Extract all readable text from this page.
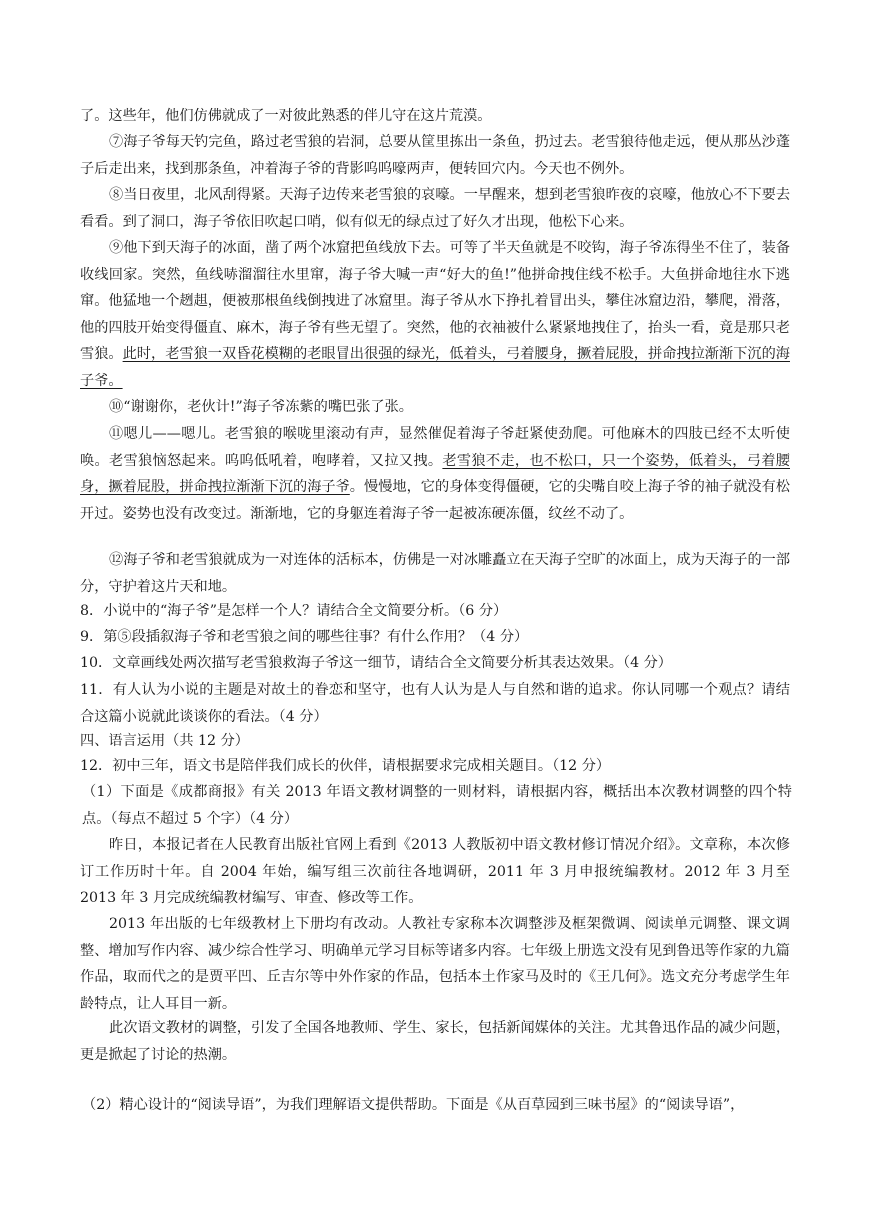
了。这些年，他们仿佛就成了一对彼此熟悉的伴儿守在这片荒漠。

⑦海子爷每天钓完鱼，路过老雪狼的岩洞，总要从筐里拣出一条鱼，扔过去。老雪狼待他走远，便从那丛沙蓬子后走出来，找到那条鱼，冲着海子爷的背影呜呜嚎两声，便转回穴内。今天也不例外。

⑧当日夜里，北风刮得紧。天海子边传来老雪狼的哀嚎。一早醒来，想到老雪狼昨夜的哀嚎，他放心不下要去看看。到了洞口，海子爷依旧吹起口哨，似有似无的绿点过了好久才出现，他松下心来。

⑨他下到天海子的冰面，凿了两个冰窟把鱼线放下去。可等了半天鱼就是不咬钩，海子爷冻得坐不住了，装备收线回家。突然，鱼线哧溜溜往水里窜，海子爷大喊一声“好大的鱼!”他拼命拽住线不松手。大鱼拼命地往水下逃窜。他猛地一个趔趄，便被那根鱼线倒拽进了冰窟里。海子爷从水下挣扎着冒出头，攀住冰窟边沿，攀爬，滑落，他的四肢开始变得僵直、麻木，海子爷有些无望了。突然，他的衣袖被什么紧紧地拽住了，抬头一看，竟是那只老雪狼。此时，老雪狼一双昏花模糊的老眼冒出很强的绿光，低着头，弓着腰身，撅着屁股，拼命拽拉渐渐下沉的海子爷。

⑩“谢谢你，老伙计!”海子爷冻紫的嘴巴张了张。

⑪嗯儿——嗯儿。老雪狼的喉咙里滚动有声，显然催促着海子爷赶紧使劲爬。可他麻木的四肢已经不太听使唤。老雪狼恼怒起来。呜呜低吼着，咆哮着，又拉又拽。老雪狼不走，也不松口，只一个姿势，低着头，弓着腰身，撅着屁股，拼命拽拉渐渐下沉的海子爷。慢慢地，它的身体变得僵硬，它的尖嘴自咬上海子爷的袖子就没有松开过。姿势也没有改变过。渐渐地，它的身躯连着海子爷一起被冻硬冻僵，纹丝不动了。

⑫海子爷和老雪狼就成为一对连体的活标本，仿佛是一对冰雕矗立在天海子空旷的冰面上，成为天海子的一部分，守护着这片天和地。

8．小说中的“海子爷”是怎样一个人？请结合全文简要分析。（6 分）

9．第⑤段插叙海子爷和老雪狼之间的哪些往事？有什么作用？（4 分）

10．文章画线处两次描写老雪狼救海子爷这一细节，请结合全文简要分析其表达效果。（4 分）

11．有人认为小说的主题是对故土的眷恋和坚守，也有人认为是人与自然和谐的追求。你认同哪一个观点？请结合这篇小说就此谈谈你的看法。（4 分）

四、语言运用（共 12 分）

12．初中三年，语文书是陪伴我们成长的伙伴，请根据要求完成相关题目。（12 分）

（1）下面是《成都商报》有关 2013 年语文教材调整的一则材料，请根据内容，概括出本次教材调整的四个特点。（每点不超过 5 个字）（4 分）

昨日，本报记者在人民教育出版社官网上看到《2013 人教版初中语文教材修订情况介绍》。文章称，本次修订工作历时十年。自 2004 年始，编写组三次前往各地调研，2011 年 3 月申报统编教材。2012 年 3 月至 2013 年 3 月完成统编教材编写、审查、修改等工作。

2013 年出版的七年级教材上下册均有改动。人教社专家称本次调整涉及框架微调、阅读单元调整、课文调整、增加写作内容、减少综合性学习、明确单元学习目标等诸多内容。七年级上册选文没有见到鲁迅等作家的九篇作品，取而代之的是贾平凹、丘吉尔等中外作家的作品，包括本土作家马及时的《王几何》。选文充分考虑学生年龄特点，让人耳目一新。

此次语文教材的调整，引发了全国各地教师、学生、家长，包括新闻媒体的关注。尤其鲁迅作品的减少问题，更是掀起了讨论的热潮。

（2）精心设计的“阅读导语”，为我们理解语文提供帮助。下面是《从百草园到三味书屋》的“阅读导语”，
